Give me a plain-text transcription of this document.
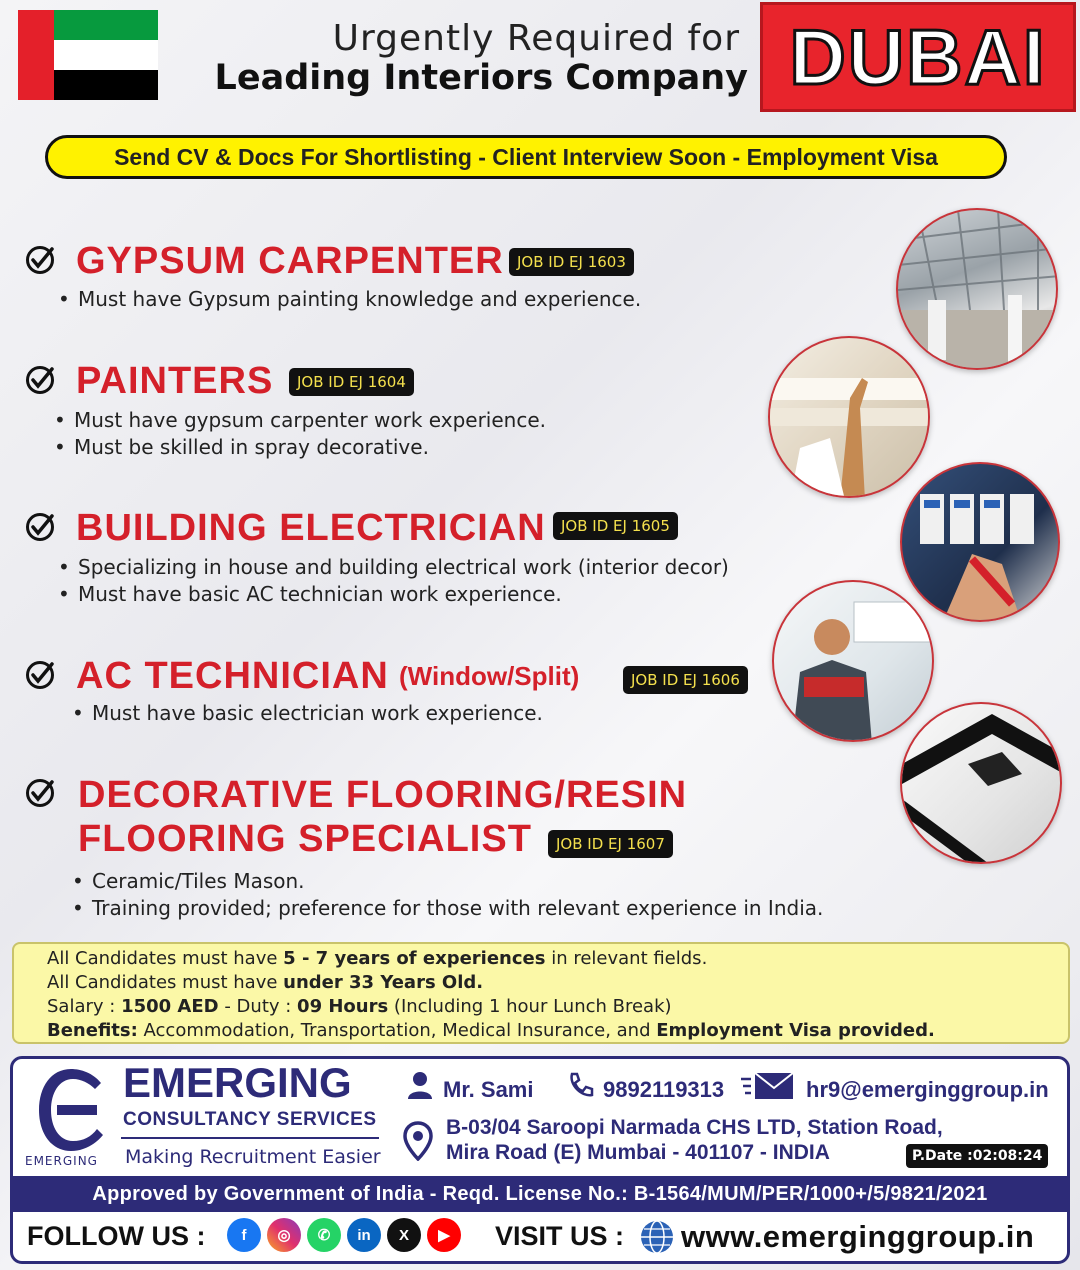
Urgently Required for
Leading Interiors Company DUBAI
Send CV & Docs For Shortlisting - Client Interview Soon - Employment Visa
GYPSUM CARPENTER JOB ID EJ 1603
• Must have Gypsum painting knowledge and experience.
PAINTERS	JOB ID EJ 1604
• Must have gypsum carpenter work experience.
• Must be skilled in spray decorative.
BUILDING ELECTRICIAN	JOB ID EJ 1605
• Specializing in house and building electrical work (interior decor)
• Must have basic AC technician work experience.
AC TECHNICIAN (Window/Split)	JOB ID EJ 1606
• Must have basic electrician work experience.
DECORATIVE FLOORING/RESIN
FLOORING SPECIALIST	JOB ID EJ 1607
• Ceramic/Tiles Mason.
• Training provided; preference for those with relevant experience in India.
All Candidates must have 5 - 7 years of experiences in relevant fields.
All Candidates must have under 33 Years Old.
Salary : 1500 AED - Duty : 09 Hours (Including 1 hour Lunch Break)
Benefits: Accommodation, Transportation, Medical Insurance, and Employment Visa provided.
EMERGING
CONSULTANCY SERVICES
EMERGING Making Recruitment Easier
Mr. Sami	9892119313	hr9@emerginggroup.in
B-03/04 Saroopi Narmada CHS LTD, Station Road,
Mira Road (E) Mumbai - 401107 - INDIA	P.Date :02:08:24
Approved by Government of India - Reqd. License No.: B-1564/MUM/PER/1000+/5/9821/2021
FOLLOW US :	f	◎	✆	in	X	▶	VISIT US : www.emerginggroup.in
